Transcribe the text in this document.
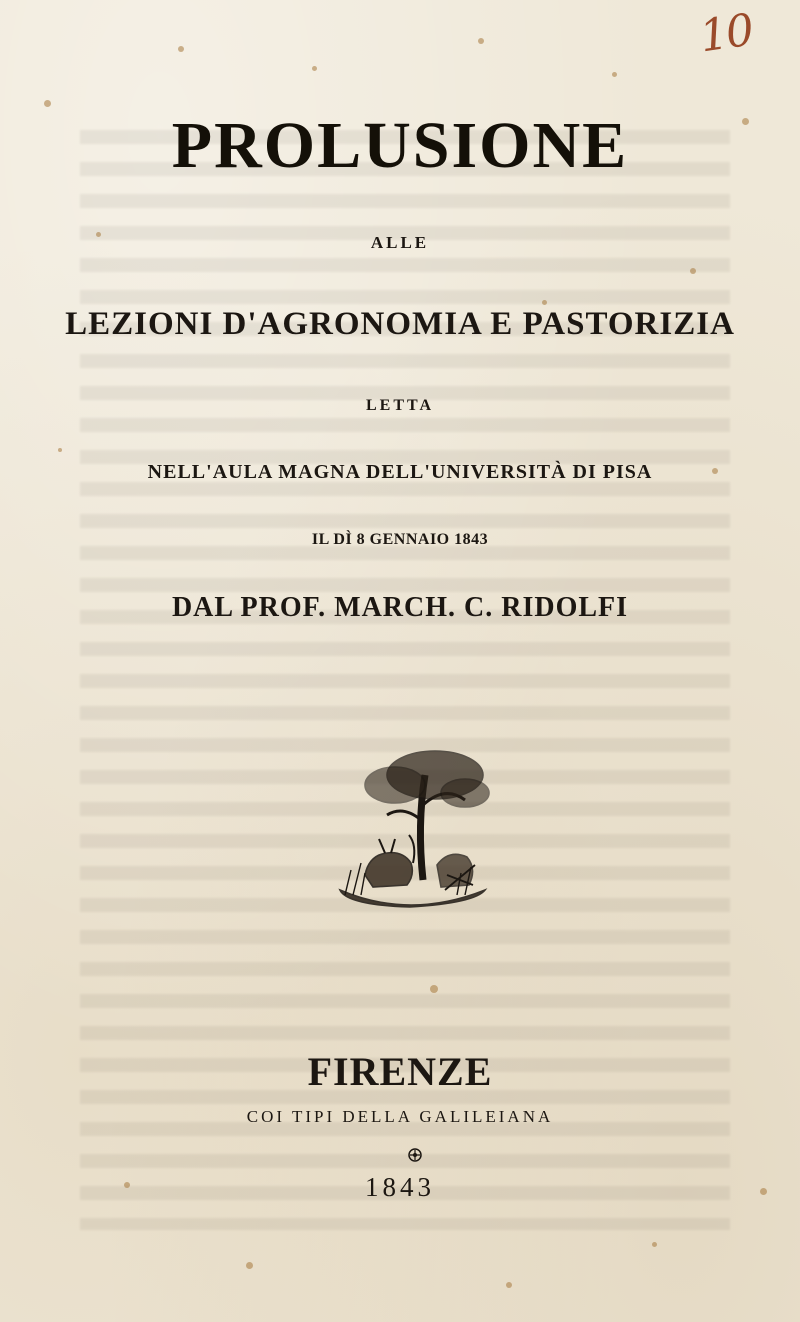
10
PROLUSIONE
ALLE
LEZIONI D'AGRONOMIA E PASTORIZIA
LETTA
NELL'AULA MAGNA DELL'UNIVERSITÀ DI PISA
IL DÌ 8 GENNAIO 1843
DAL PROF. MARCH. C. RIDOLFI
FIRENZE
COI TIPI DELLA GALILEIANA
1843
